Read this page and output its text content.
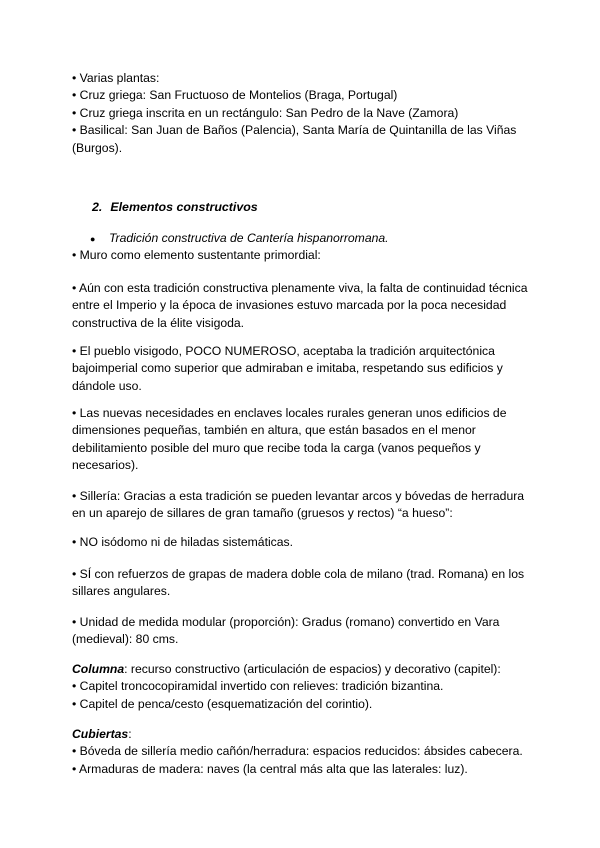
• Varias plantas:
• Cruz griega: San Fructuoso de Montelios (Braga, Portugal)
• Cruz griega inscrita en un rectángulo: San Pedro de la Nave (Zamora)
• Basilical: San Juan de Baños (Palencia), Santa María de Quintanilla de las Viñas (Burgos).
2. Elementos constructivos
● Tradición constructiva de Cantería hispanorromana.
• Muro como elemento sustentante primordial:
• Aún con esta tradición constructiva plenamente viva, la falta de continuidad técnica entre el Imperio y la época de invasiones estuvo marcada por la poca necesidad constructiva de la élite visigoda.
• El pueblo visigodo, POCO NUMEROSO, aceptaba la tradición arquitectónica bajoimperial como superior que admiraban e imitaba, respetando sus edificios y dándole uso.
• Las nuevas necesidades en enclaves locales rurales generan unos edificios de dimensiones pequeñas, también en altura, que están basados en el menor debilitamiento posible del muro que recibe toda la carga (vanos pequeños y necesarios).
• Sillería: Gracias a esta tradición se pueden levantar arcos y bóvedas de herradura en un aparejo de sillares de gran tamaño (gruesos y rectos) “a hueso”:
• NO isódomo ni de hiladas sistemáticas.
• SÍ con refuerzos de grapas de madera doble cola de milano (trad. Romana) en los sillares angulares.
• Unidad de medida modular (proporción): Gradus (romano) convertido en Vara (medieval): 80 cms.
Columna: recurso constructivo (articulación de espacios) y decorativo (capitel):
• Capitel troncocopiramidal invertido con relieves: tradición bizantina.
• Capitel de penca/cesto (esquematización del corintio).
Cubiertas:
• Bóveda de sillería medio cañón/herradura: espacios reducidos: ábsides cabecera.
• Armaduras de madera: naves (la central más alta que las laterales: luz).
